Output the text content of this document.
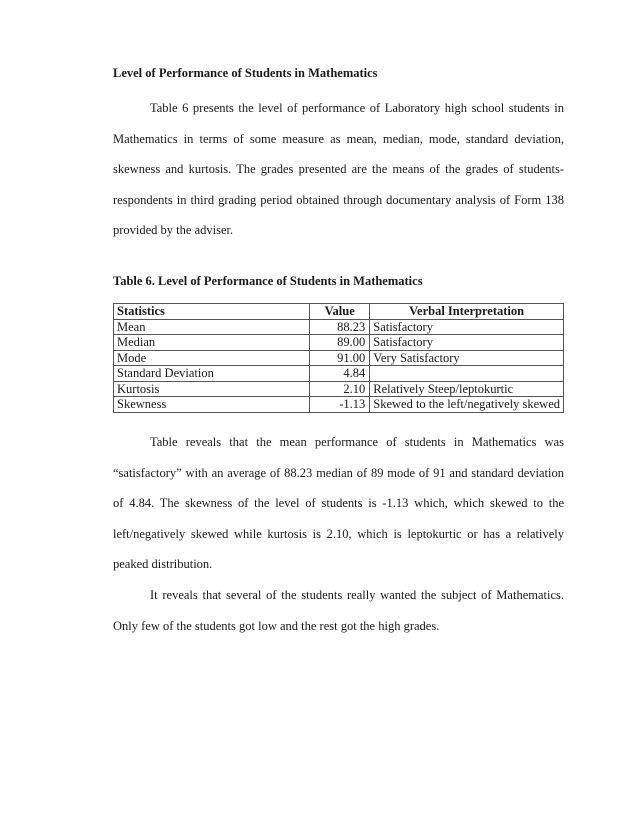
Level of Performance of Students in Mathematics

Table 6 presents the level of performance of Laboratory high school students in Mathematics in terms of some measure as mean, median, mode, standard deviation, skewness and kurtosis. The grades presented are the means of the grades of students-respondents in third grading period obtained through documentary analysis of Form 138 provided by the adviser.

Table 6. Level of Performance of Students in Mathematics
Statistics	Value	Verbal Interpretation
Mean	88.23	Satisfactory
Median	89.00	Satisfactory
Mode	91.00	Very Satisfactory
Standard Deviation	4.84	
Kurtosis	2.10	Relatively Steep/leptokurtic
Skewness	-1.13	Skewed to the left/negatively skewed

Table reveals that the mean performance of students in Mathematics was “satisfactory” with an average of 88.23 median of 89 mode of 91 and standard deviation of 4.84. The skewness of the level of students is -1.13 which, which skewed to the left/negatively skewed while kurtosis is 2.10, which is leptokurtic or has a relatively peaked distribution.

It reveals that several of the students really wanted the subject of Mathematics. Only few of the students got low and the rest got the high grades.
